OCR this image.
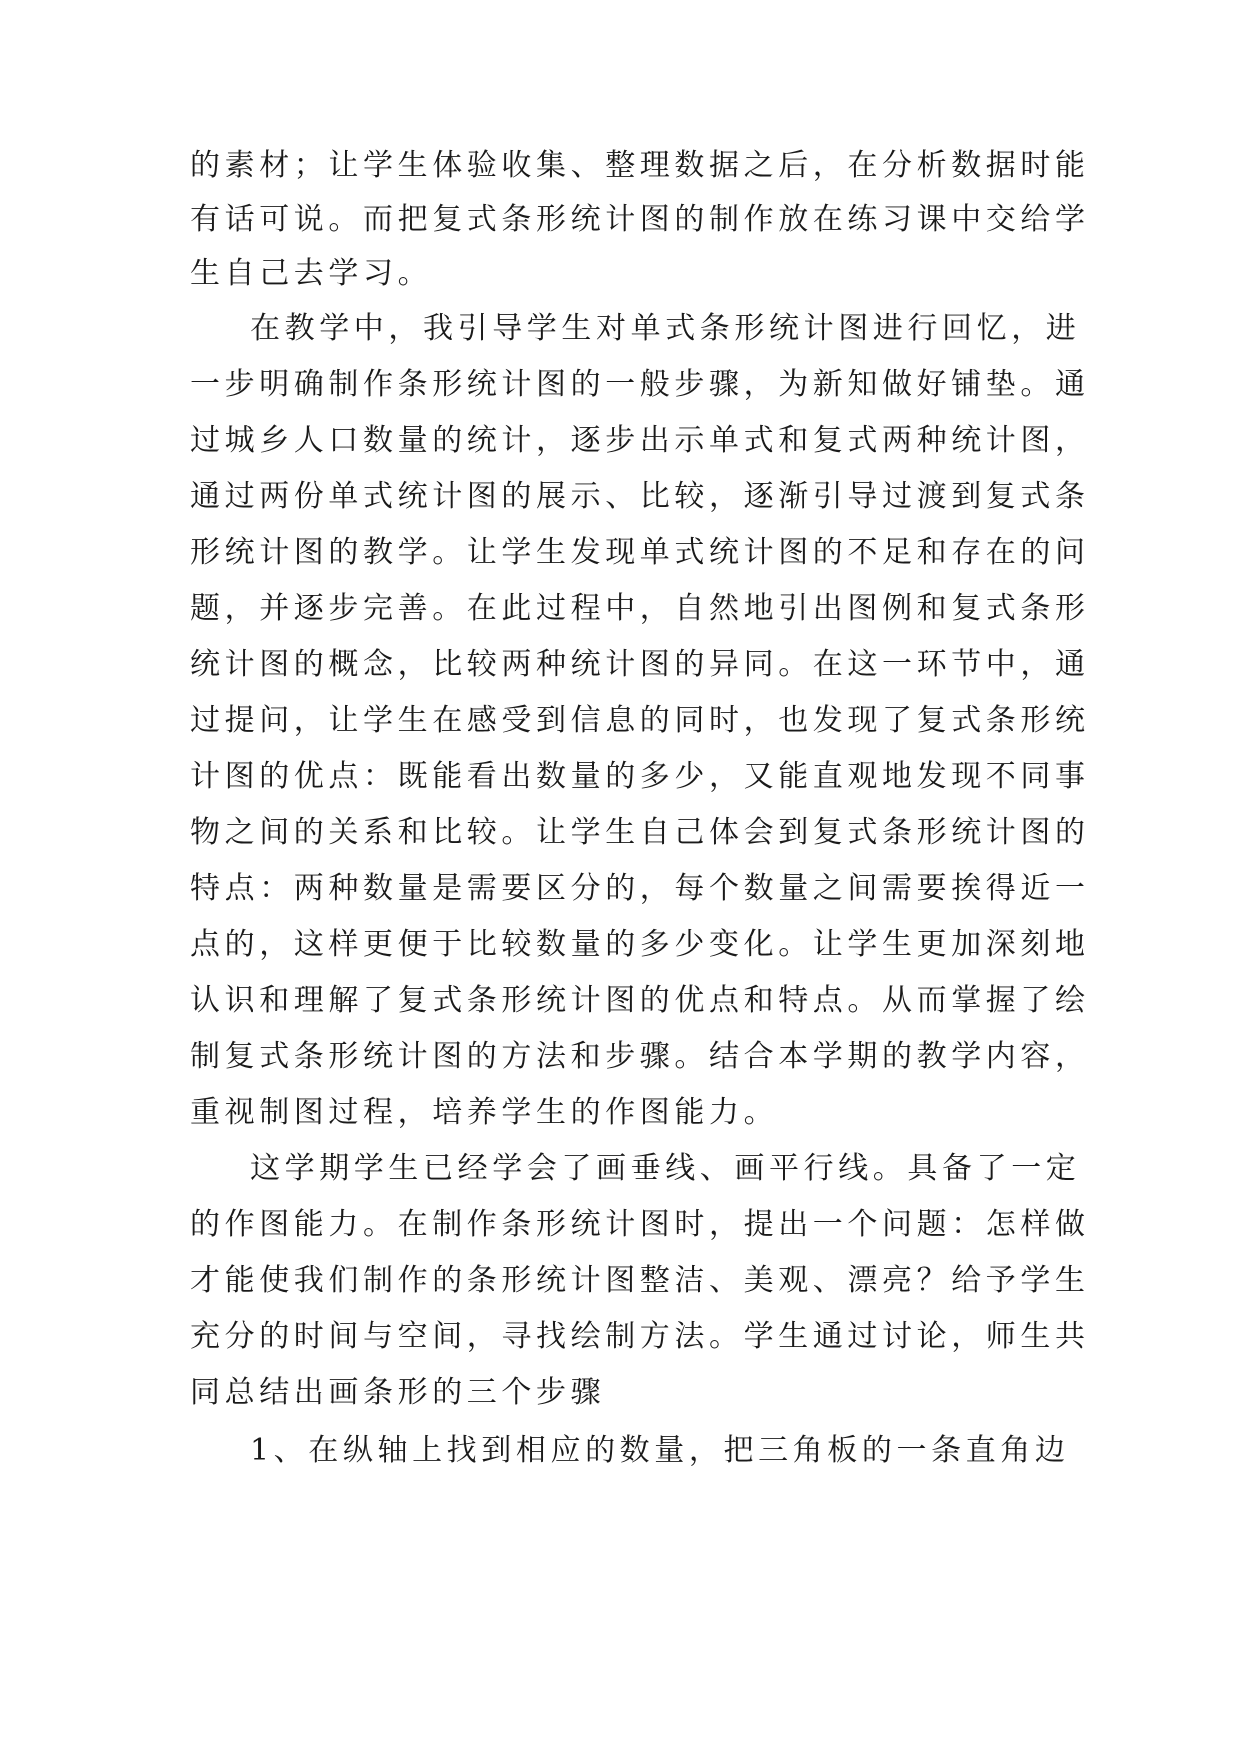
的素材；让学生体验收集、整理数据之后，在分析数据时能
有话可说。而把复式条形统计图的制作放在练习课中交给学
生自己去学习。
在教学中，我引导学生对单式条形统计图进行回忆，进
一步明确制作条形统计图的一般步骤，为新知做好铺垫。通
过城乡人口数量的统计，逐步出示单式和复式两种统计图，
通过两份单式统计图的展示、比较，逐渐引导过渡到复式条
形统计图的教学。让学生发现单式统计图的不足和存在的问
题，并逐步完善。在此过程中，自然地引出图例和复式条形
统计图的概念，比较两种统计图的异同。在这一环节中，通
过提问，让学生在感受到信息的同时，也发现了复式条形统
计图的优点：既能看出数量的多少，又能直观地发现不同事
物之间的关系和比较。让学生自己体会到复式条形统计图的
特点：两种数量是需要区分的，每个数量之间需要挨得近一
点的，这样更便于比较数量的多少变化。让学生更加深刻地
认识和理解了复式条形统计图的优点和特点。从而掌握了绘
制复式条形统计图的方法和步骤。结合本学期的教学内容，
重视制图过程，培养学生的作图能力。
这学期学生已经学会了画垂线、画平行线。具备了一定
的作图能力。在制作条形统计图时，提出一个问题：怎样做
才能使我们制作的条形统计图整洁、美观、漂亮？给予学生
充分的时间与空间，寻找绘制方法。学生通过讨论，师生共
同总结出画条形的三个步骤
1、在纵轴上找到相应的数量，把三角板的一条直角边
